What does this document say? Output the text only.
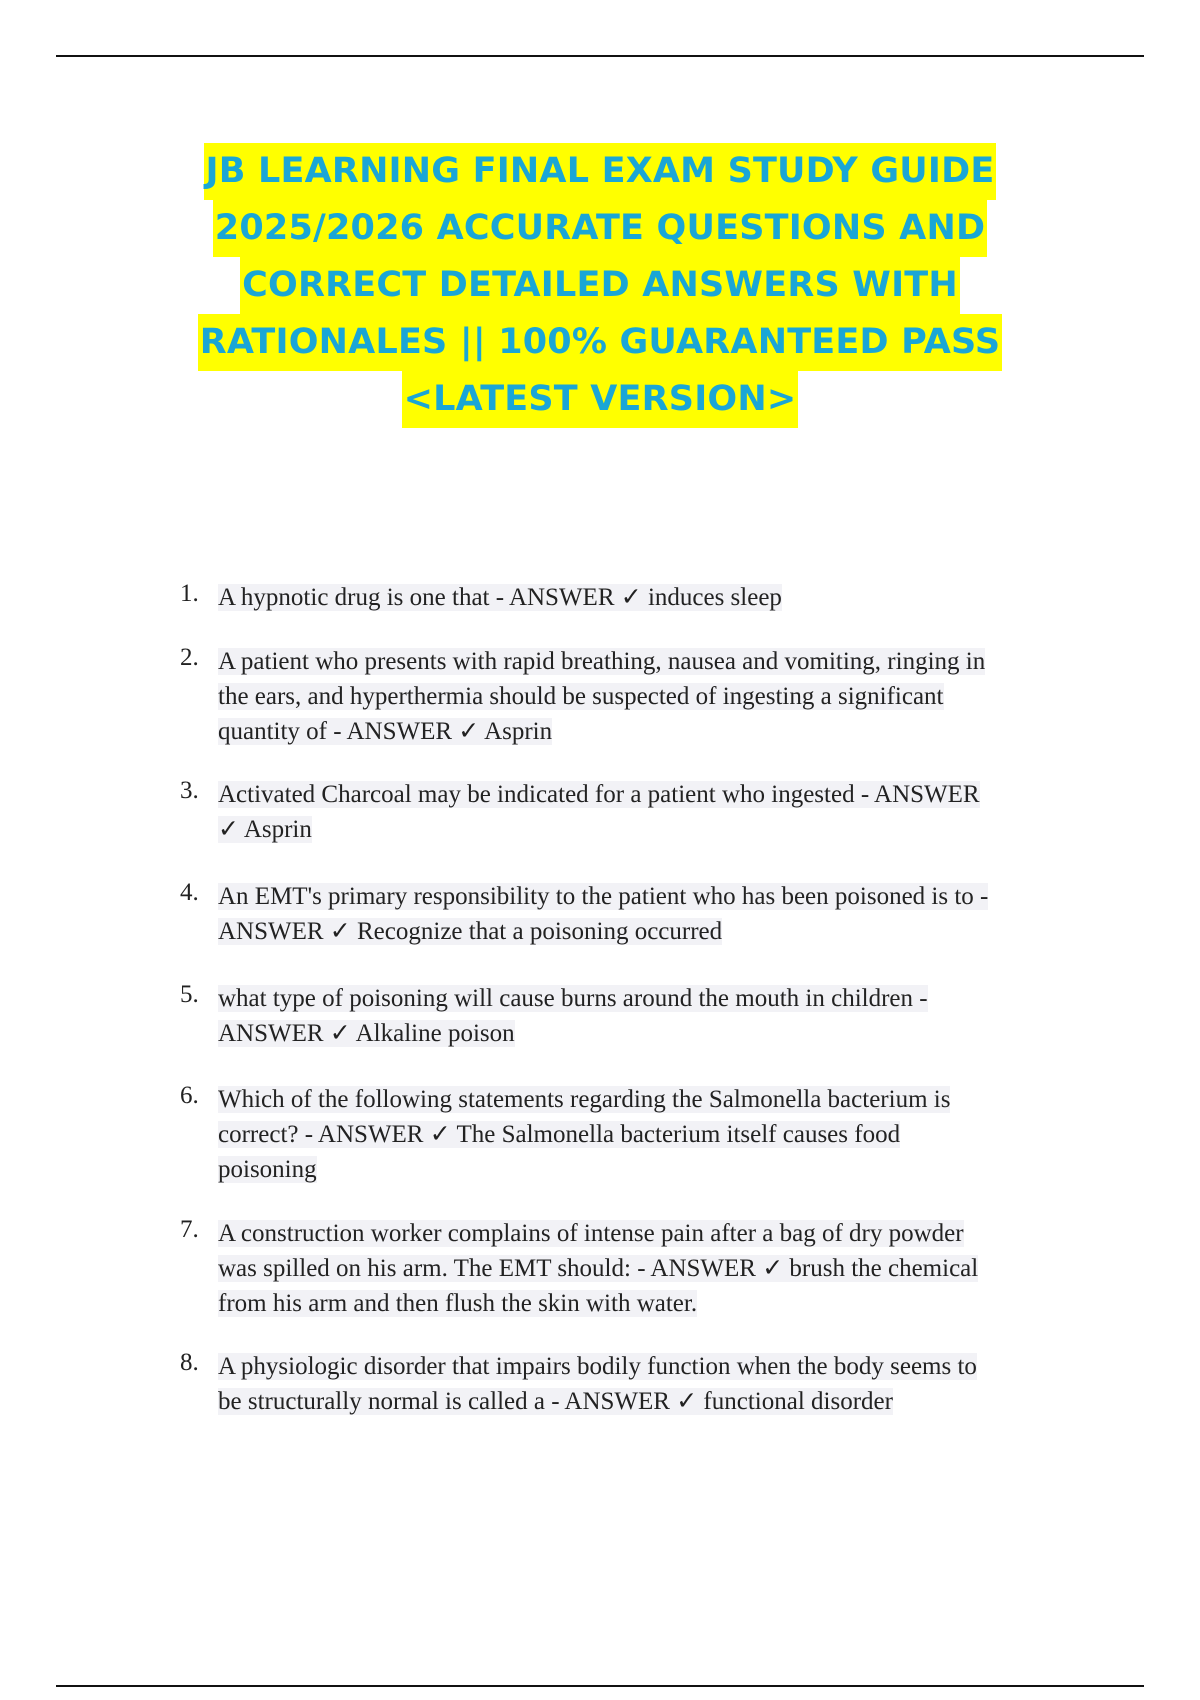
JB LEARNING FINAL EXAM STUDY GUIDE
2025/2026 ACCURATE QUESTIONS AND
CORRECT DETAILED ANSWERS WITH
RATIONALES || 100% GUARANTEED PASS
<LATEST VERSION>
1. A hypnotic drug is one that - ANSWER ✓ induces sleep
2. A patient who presents with rapid breathing, nausea and vomiting, ringing in
the ears, and hyperthermia should be suspected of ingesting a significant
quantity of - ANSWER ✓ Asprin
3. Activated Charcoal may be indicated for a patient who ingested - ANSWER
✓ Asprin
4. An EMT's primary responsibility to the patient who has been poisoned is to -
ANSWER ✓ Recognize that a poisoning occurred
5. what type of poisoning will cause burns around the mouth in children -
ANSWER ✓ Alkaline poison
6. Which of the following statements regarding the Salmonella bacterium is
correct? - ANSWER ✓ The Salmonella bacterium itself causes food
poisoning
7. A construction worker complains of intense pain after a bag of dry powder
was spilled on his arm. The EMT should: - ANSWER ✓ brush the chemical
from his arm and then flush the skin with water.
8. A physiologic disorder that impairs bodily function when the body seems to
be structurally normal is called a - ANSWER ✓ functional disorder
